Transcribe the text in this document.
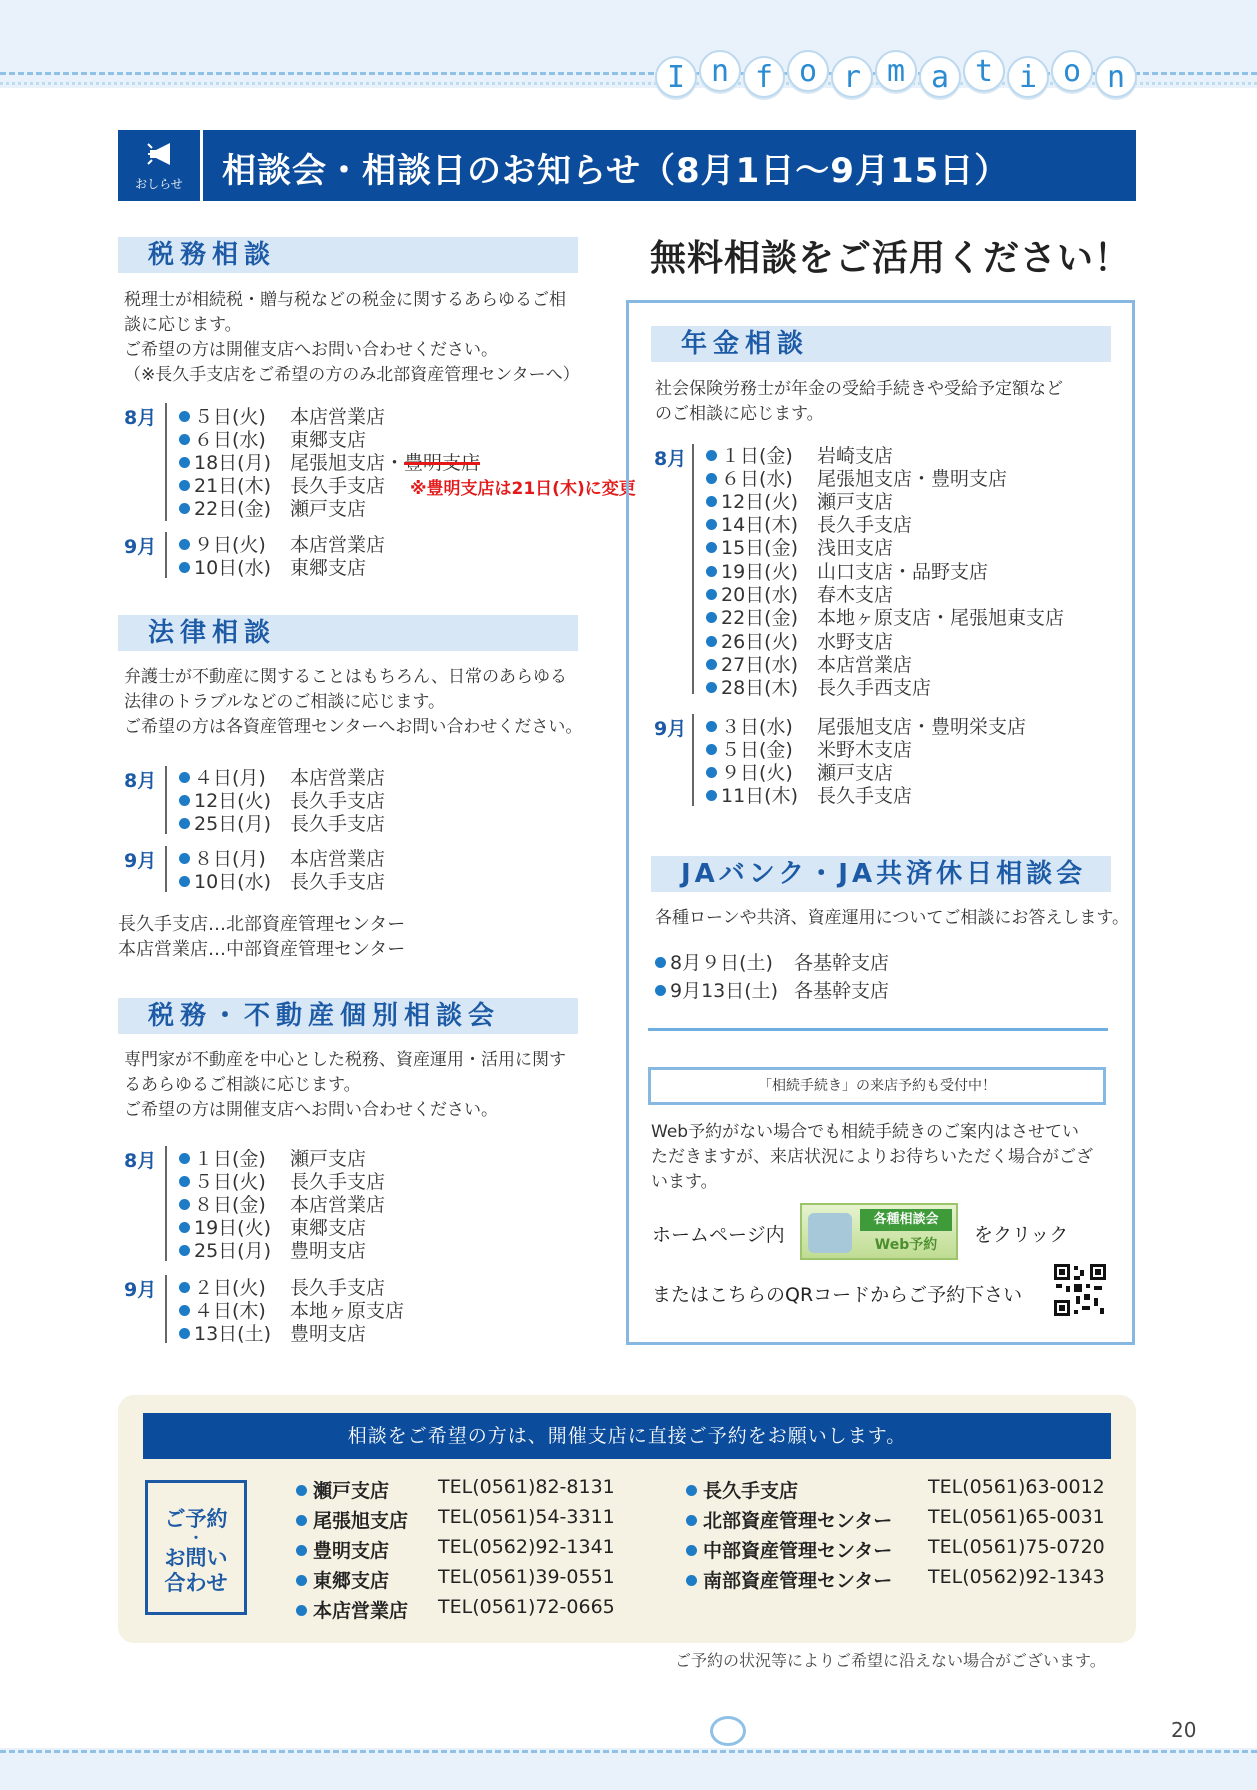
I n f o r m a t i o n
おしらせ	相談会・相談日のお知らせ（8月1日〜9月15日）
税務相談
税理士が相続税・贈与税などの税金に関するあらゆるご相
談に応じます。
ご希望の方は開催支店へお問い合わせください。
（※長久手支店をご希望の方のみ北部資産管理センターへ）
8月	５日(火) 本店営業店
６日(水) 東郷支店
18日(月) 尾張旭支店・豊明支店
21日(木) 長久手支店
22日(金) 瀬戸支店
※豊明支店は21日(木)に変更
9月	９日(火) 本店営業店
10日(水) 東郷支店
法律相談
弁護士が不動産に関することはもちろん、日常のあらゆる
法律のトラブルなどのご相談に応じます。
ご希望の方は各資産管理センターへお問い合わせください。
8月	４日(月) 本店営業店
12日(火) 長久手支店
25日(月) 長久手支店
9月	８日(月) 本店営業店
10日(水) 長久手支店
長久手支店…北部資産管理センター
本店営業店…中部資産管理センター
税務・不動産個別相談会
専門家が不動産を中心とした税務、資産運用・活用に関す
るあらゆるご相談に応じます。
ご希望の方は開催支店へお問い合わせください。
8月	１日(金) 瀬戸支店
５日(火) 長久手支店
８日(金) 本店営業店
19日(火) 東郷支店
25日(月) 豊明支店
9月	２日(火) 長久手支店
４日(木) 本地ヶ原支店
13日(土) 豊明支店
無料相談をご活用ください！
年金相談
社会保険労務士が年金の受給手続きや受給予定額など
のご相談に応じます。
8月	１日(金) 岩崎支店
６日(水) 尾張旭支店・豊明支店
12日(火) 瀬戸支店
14日(木) 長久手支店
15日(金) 浅田支店
19日(火) 山口支店・品野支店
20日(水) 春木支店
22日(金) 本地ヶ原支店・尾張旭東支店
26日(火) 水野支店
27日(水) 本店営業店
28日(木) 長久手西支店
9月	３日(水) 尾張旭支店・豊明栄支店
５日(金) 米野木支店
９日(火) 瀬戸支店
11日(木) 長久手支店
JAバンク・JA共済休日相談会
各種ローンや共済、資産運用についてご相談にお答えします。
8月９日(土) 各基幹支店
9月13日(土) 各基幹支店
「相続手続き」の来店予約も受付中！
Web予約がない場合でも相続手続きのご案内はさせてい
ただきますが、来店状況によりお待ちいただく場合がござ
います。
ホームページ内
各種相談会
Web予約	をクリック
またはこちらのQRコードからご予約下さい
相談をご希望の方は、開催支店に直接ご予約をお願いします。
ご予約
・
お問い
合わせ
瀬戸支店	TEL(0561)82-8131
尾張旭支店 TEL(0561)54-3311
豊明支店	TEL(0562)92-1341
東郷支店	TEL(0561)39-0551
本店営業店 TEL(0561)72-0665
長久手支店	TEL(0561)63-0012
北部資産管理センター TEL(0561)65-0031
中部資産管理センター TEL(0561)75-0720
南部資産管理センター TEL(0562)92-1343
ご予約の状況等によりご希望に沿えない場合がございます。
20
